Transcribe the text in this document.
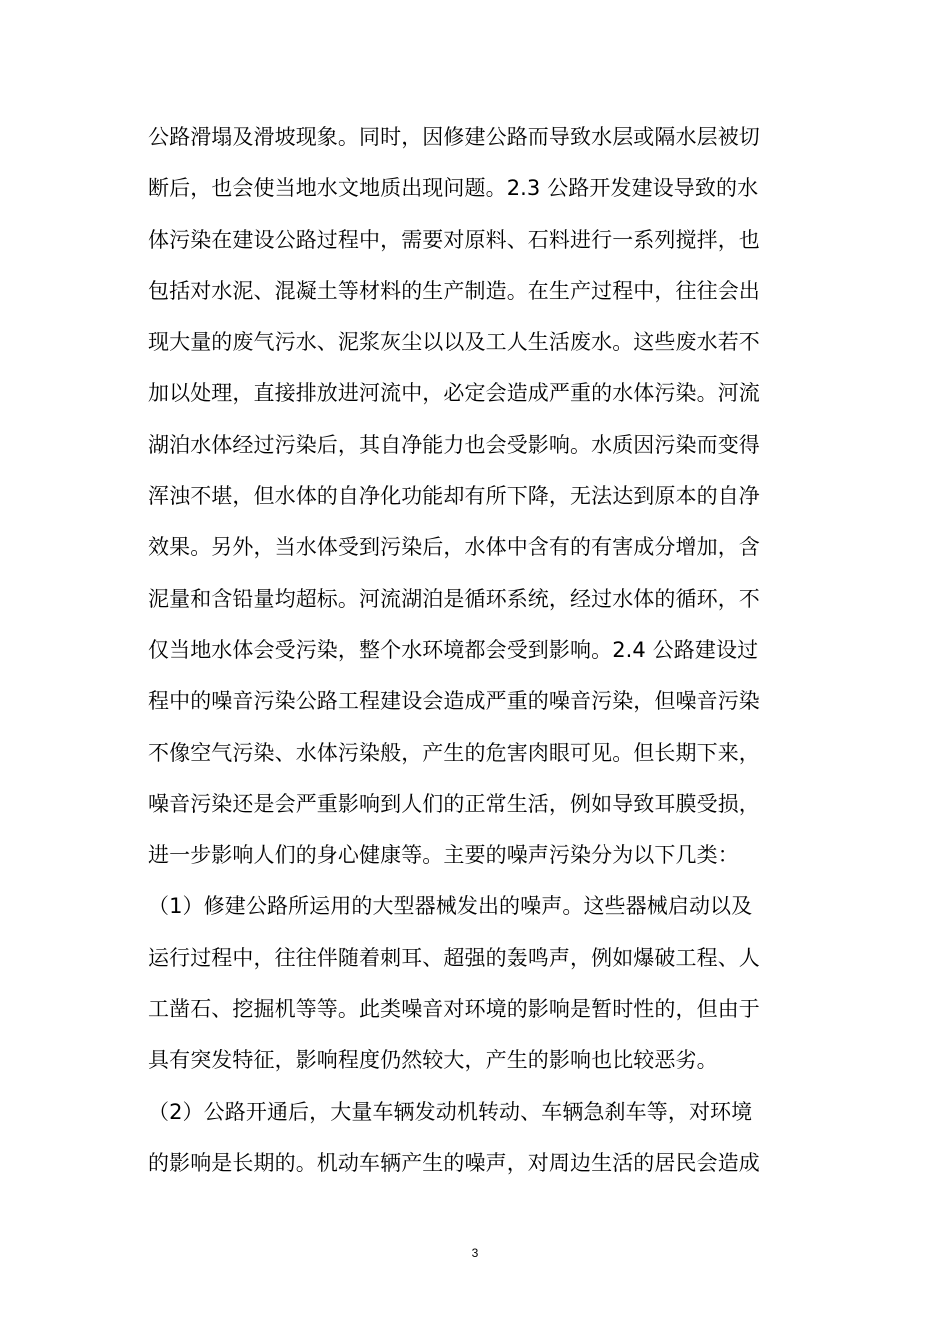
公路滑塌及滑坡现象。同时，因修建公路而导致水层或隔水层被切
断后，也会使当地水文地质出现问题。2.3 公路开发建设导致的水
体污染在建设公路过程中，需要对原料、石料进行一系列搅拌，也
包括对水泥、混凝土等材料的生产制造。在生产过程中，往往会出
现大量的废气污水、泥浆灰尘以以及工人生活废水。这些废水若不
加以处理，直接排放进河流中，必定会造成严重的水体污染。河流
湖泊水体经过污染后，其自净能力也会受影响。水质因污染而变得
浑浊不堪，但水体的自净化功能却有所下降，无法达到原本的自净
效果。另外，当水体受到污染后，水体中含有的有害成分增加，含
泥量和含铅量均超标。河流湖泊是循环系统，经过水体的循环，不
仅当地水体会受污染，整个水环境都会受到影响。2.4 公路建设过
程中的噪音污染公路工程建设会造成严重的噪音污染，但噪音污染
不像空气污染、水体污染般，产生的危害肉眼可见。但长期下来，
噪音污染还是会严重影响到人们的正常生活，例如导致耳膜受损，
进一步影响人们的身心健康等。主要的噪声污染分为以下几类：
（1）修建公路所运用的大型器械发出的噪声。这些器械启动以及
运行过程中，往往伴随着刺耳、超强的轰鸣声，例如爆破工程、人
工凿石、挖掘机等等。此类噪音对环境的影响是暂时性的，但由于
具有突发特征，影响程度仍然较大，产生的影响也比较恶劣。
（2）公路开通后，大量车辆发动机转动、车辆急刹车等，对环境
的影响是长期的。机动车辆产生的噪声，对周边生活的居民会造成
3
